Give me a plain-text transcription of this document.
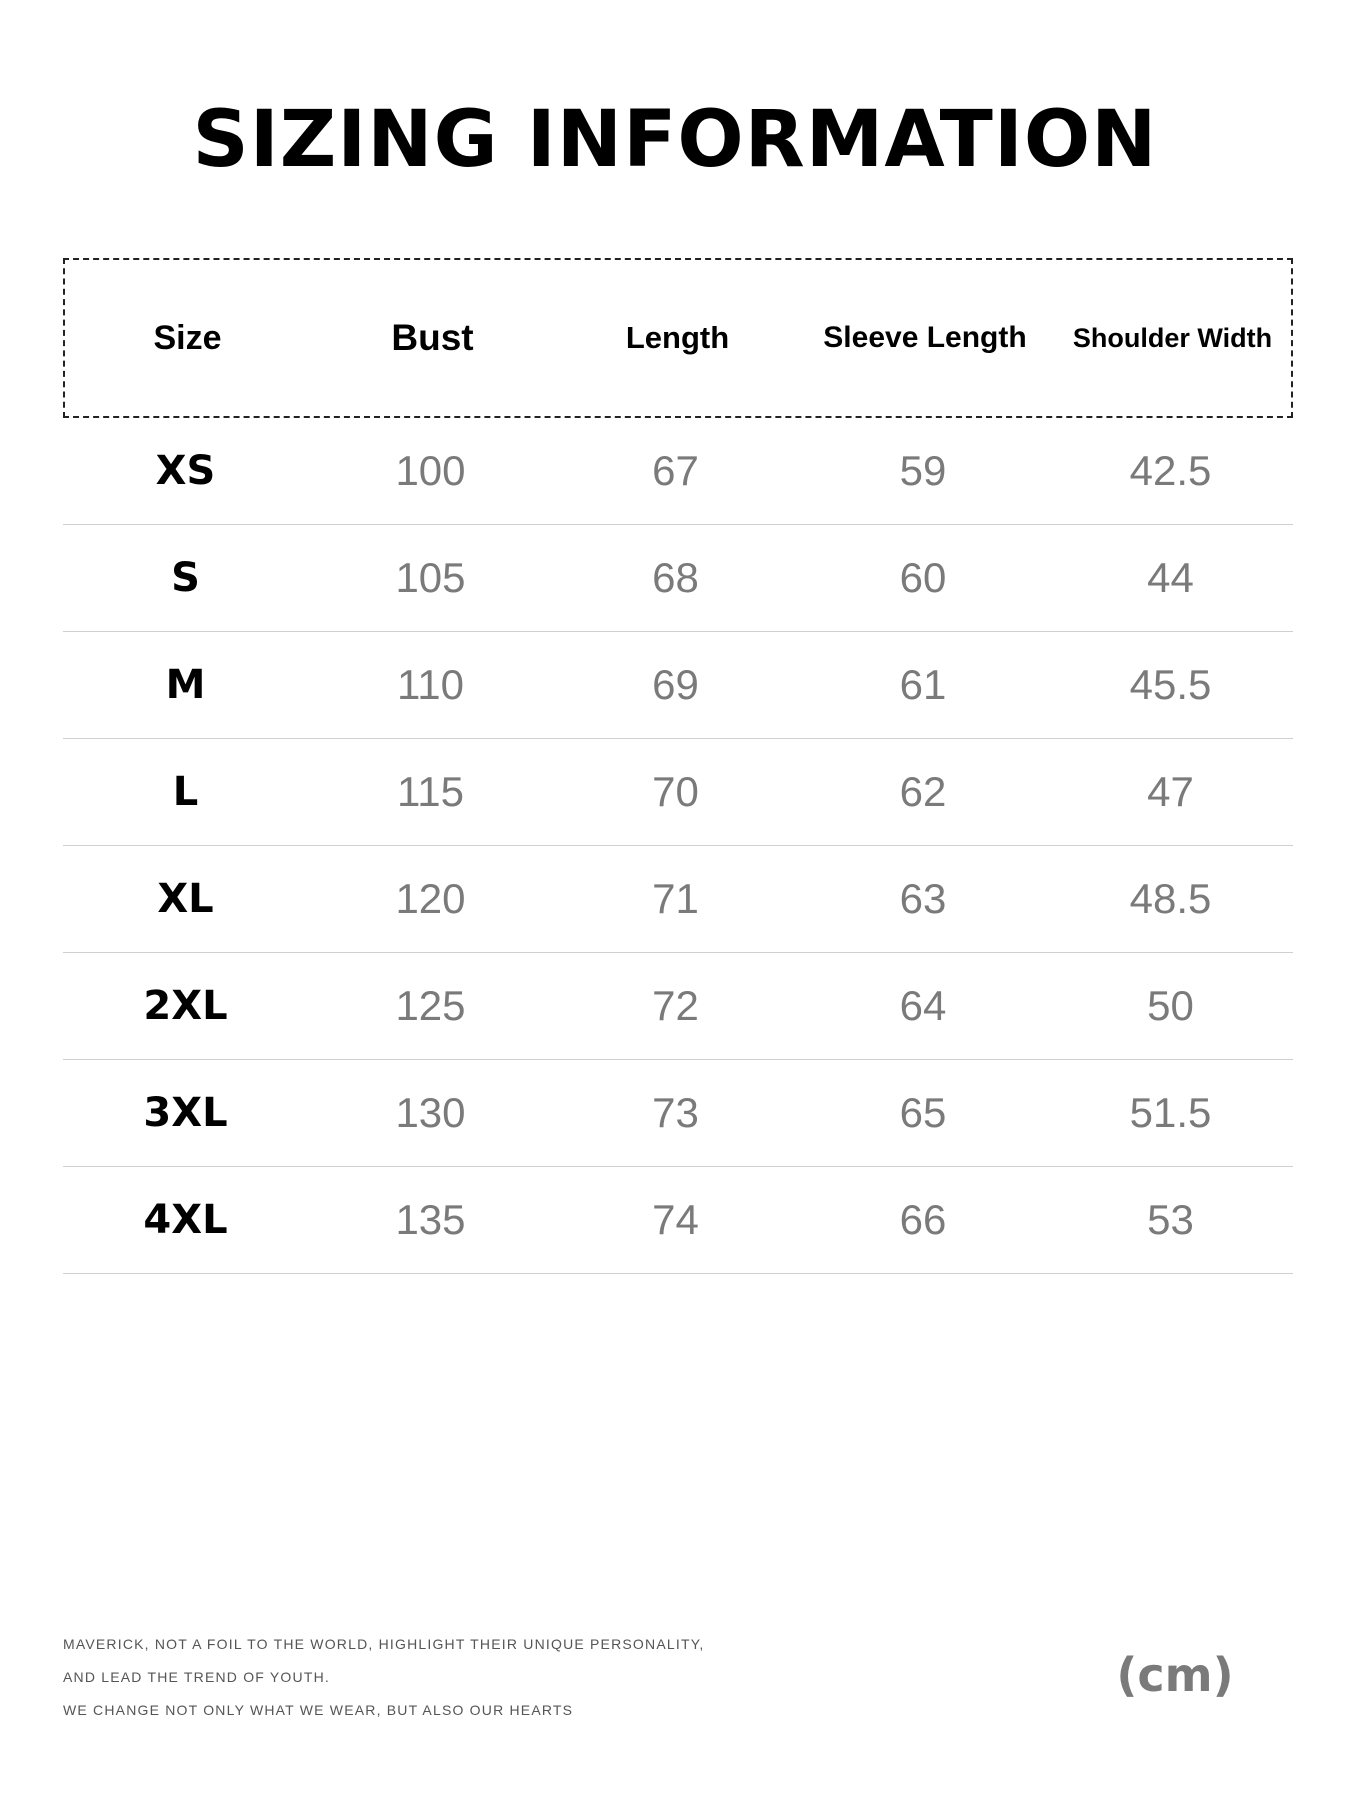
SIZING INFORMATION
Size	Bust	Length	Sleeve Length	Shoulder Width
XS	100	67	59	42.5
S	105	68	60	44
M	110	69	61	45.5
L	115	70	62	47
XL	120	71	63	48.5
2XL	125	72	64	50
3XL	130	73	65	51.5
4XL	135	74	66	53
MAVERICK, NOT A FOIL TO THE WORLD, HIGHLIGHT THEIR UNIQUE PERSONALITY,
AND LEAD THE TREND OF YOUTH.
WE CHANGE NOT ONLY WHAT WE WEAR, BUT ALSO OUR HEARTS
(cm)
